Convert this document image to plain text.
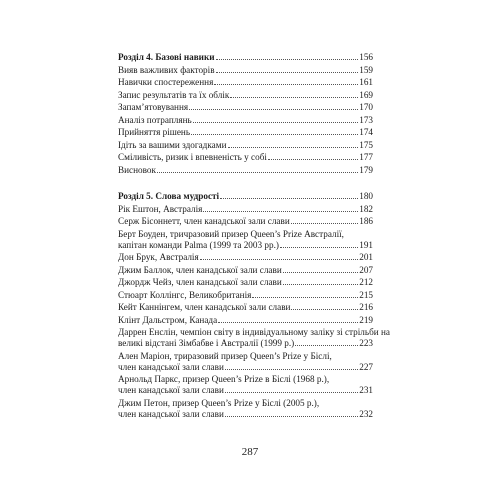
Розділ 4. Базові навики	156
Вияв важливих факторів	159
Навички спостереження	161
Запис результатів та їх облік	169
Запам’ятовування	170
Аналіз потраплянь	173
Прийняття рішень	174
Ідіть за вашими здогадками	175
Сміливість, ризик і впевненість у собі	177
Висновок	179
Розділ 5. Слова мудрості	180
Рік Ештон, Австралія	182
Серж Бісоннетт, член канадської зали слави	186
Берт Боуден, тричразовий призер Queen’s Prize Австралії,
капітан команди Palma (1999 та 2003 рр.)	191
Дон Брук, Австралія	201
Джим Баллок, член канадської зали слави	207
Джордж Чейз, член канадської зали слави	212
Стюарт Коллінгс, Великобританія	215
Кейт Каннінгем, член канадської зали слави	216
Клінт Дальстром, Канада	219
Даррен Енслін, чемпіон світу в індивідуальному заліку зі стрільби на
великі відстані Зімбабве і Австралії (1999 р.)	223
Ален Маріон, триразовий призер Queen’s Prize у Біслі,
член канадської зали слави	227
Арнольд Паркс, призер Queen’s Prize в Біслі (1968 р.),
член канадської зали слави	231
Джим Петон, призер Queen’s Prize у Біслі (2005 р.),
член канадської зали слави	232
287
